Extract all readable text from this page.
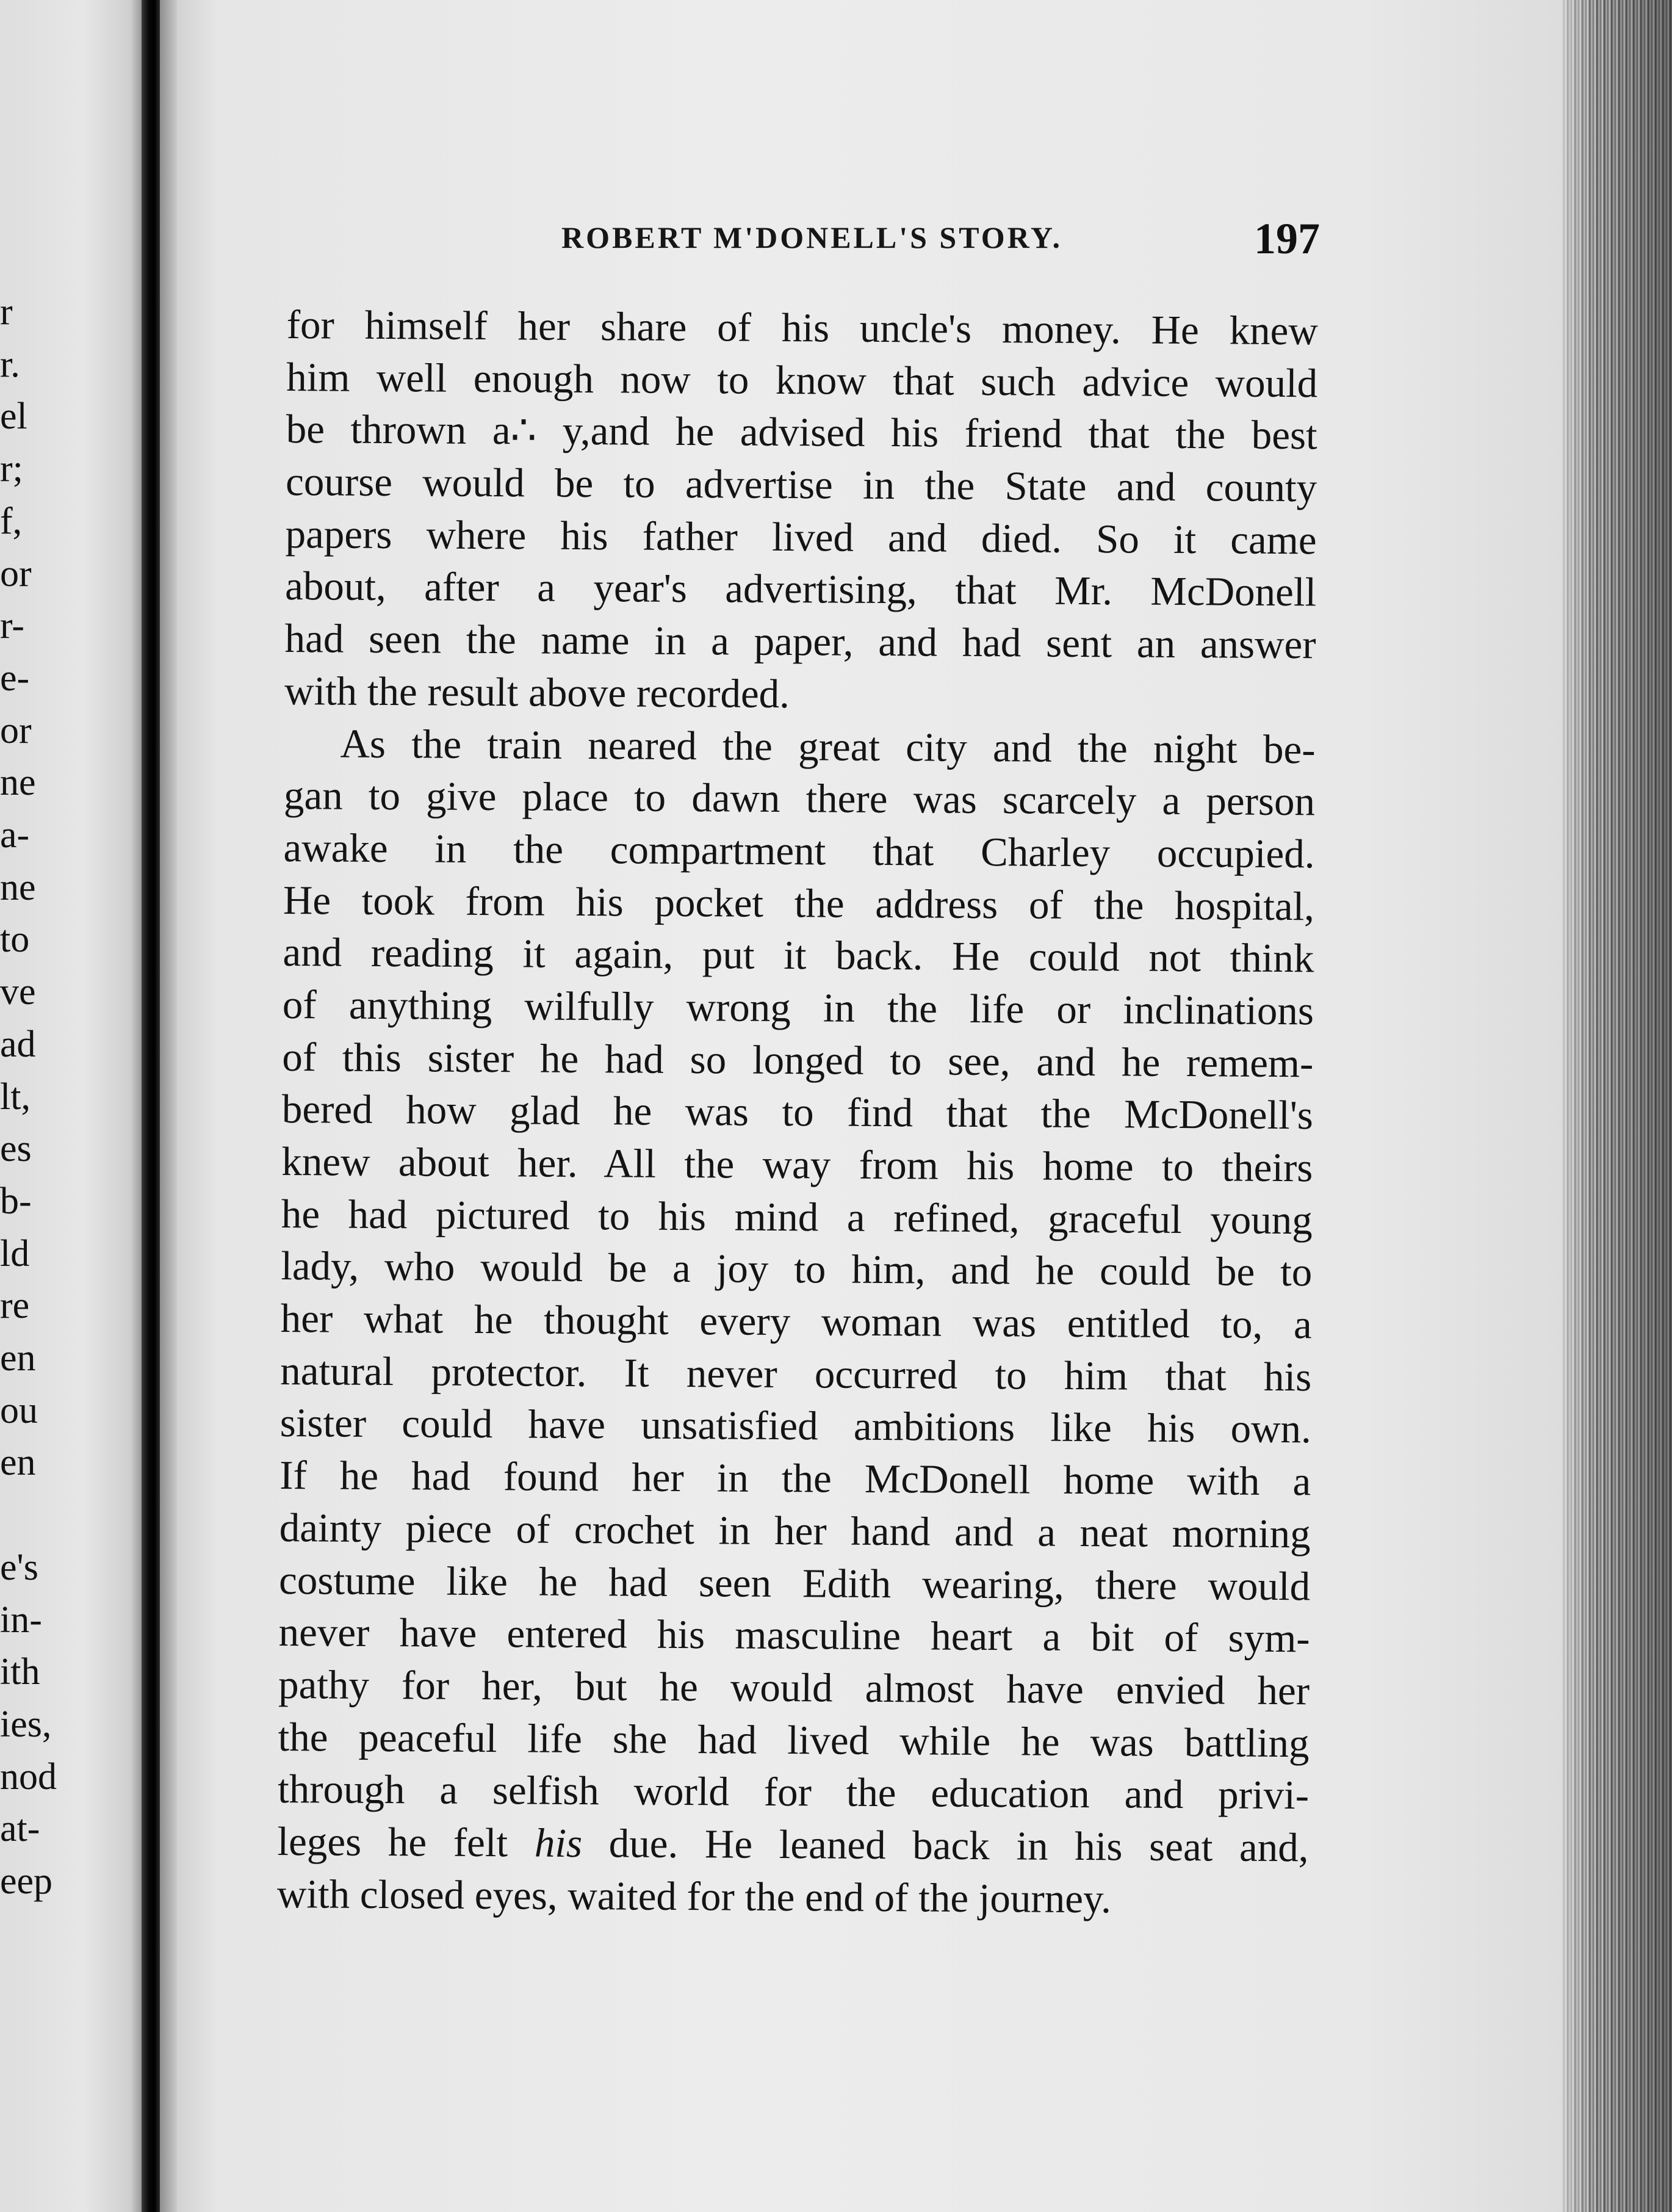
r
r.
el
r;
f,
or
r-
e-
or
ne
a-
ne
to
ve
ad
lt,
es
b-
ld
re
en
ou
en
e's
in-
ith
ies,
nod
at-
eep
ROBERT M'DONELL'S STORY.	197
for himself her share of his uncle's money. He knew
him well enough now to know that such advice would
be thrown a∴ y,and he advised his friend that the best
course would be to advertise in the State and county
papers where his father lived and died. So it came
about, after a year's advertising, that Mr. McDonell
had seen the name in a paper, and had sent an answer
with the result above recorded.
As the train neared the great city and the night be-
gan to give place to dawn there was scarcely a person
awake in the compartment that Charley occupied.
He took from his pocket the address of the hospital,
and reading it again, put it back. He could not think
of anything wilfully wrong in the life or inclinations
of this sister he had so longed to see, and he remem-
bered how glad he was to find that the McDonell's
knew about her. All the way from his home to theirs
he had pictured to his mind a refined, graceful young
lady, who would be a joy to him, and he could be to
her what he thought every woman was entitled to, a
natural protector. It never occurred to him that his
sister could have unsatisfied ambitions like his own.
If he had found her in the McDonell home with a
dainty piece of crochet in her hand and a neat morning
costume like he had seen Edith wearing, there would
never have entered his masculine heart a bit of sym-
pathy for her, but he would almost have envied her
the peaceful life she had lived while he was battling
through a selfish world for the education and privi-
leges he felt his due. He leaned back in his seat and,
with closed eyes, waited for the end of the journey.
